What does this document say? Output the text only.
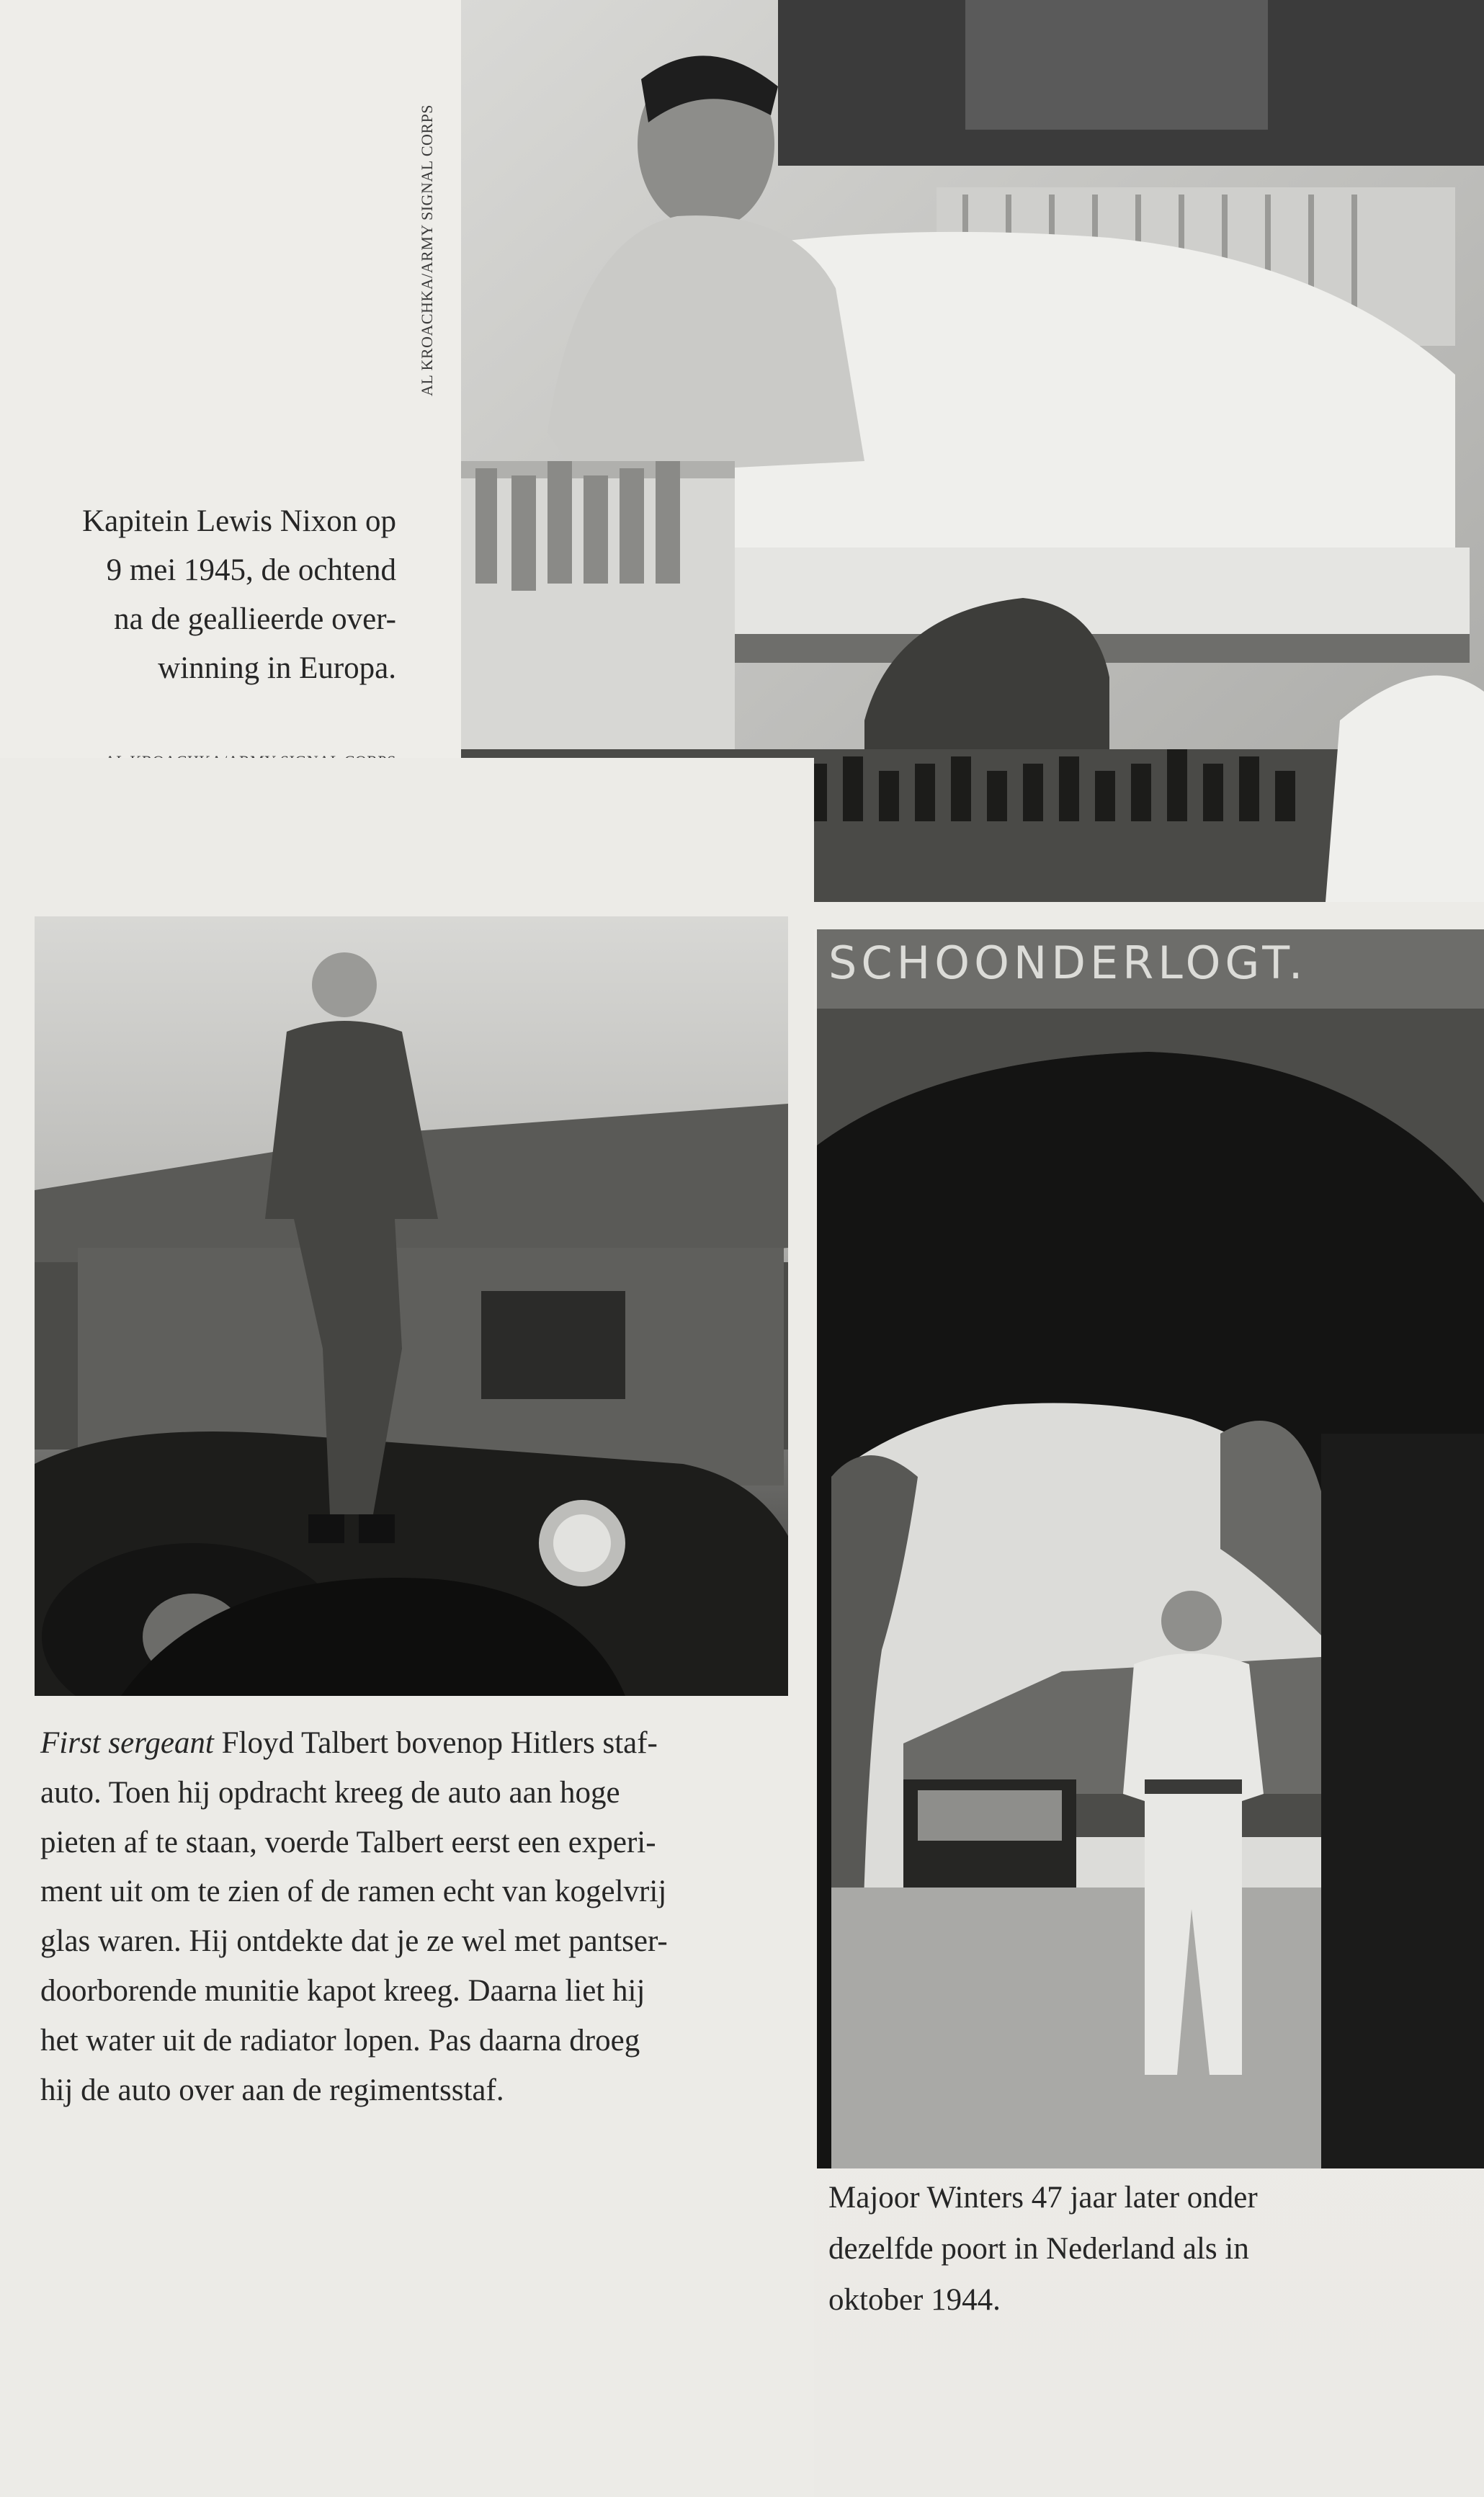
AL KROACHKA/ARMY SIGNAL CORPS
Kapitein Lewis Nixon op
9 mei 1945, de ochtend
na de geallieerde over-
winning in Europa.
First sergeant Floyd Talbert bovenop Hitlers staf-
auto. Toen hij opdracht kreeg de auto aan hoge
pieten af te staan, voerde Talbert eerst een experi-
ment uit om te zien of de ramen echt van kogelvrij
glas waren. Hij ontdekte dat je ze wel met pantser-
doorborende munitie kapot kreeg. Daarna liet hij
het water uit de radiator lopen. Pas daarna droeg
hij de auto over aan de regimentsstaf.
SCHOONDERLOGT.
Majoor Winters 47 jaar later onder
dezelfde poort in Nederland als in
oktober 1944.
